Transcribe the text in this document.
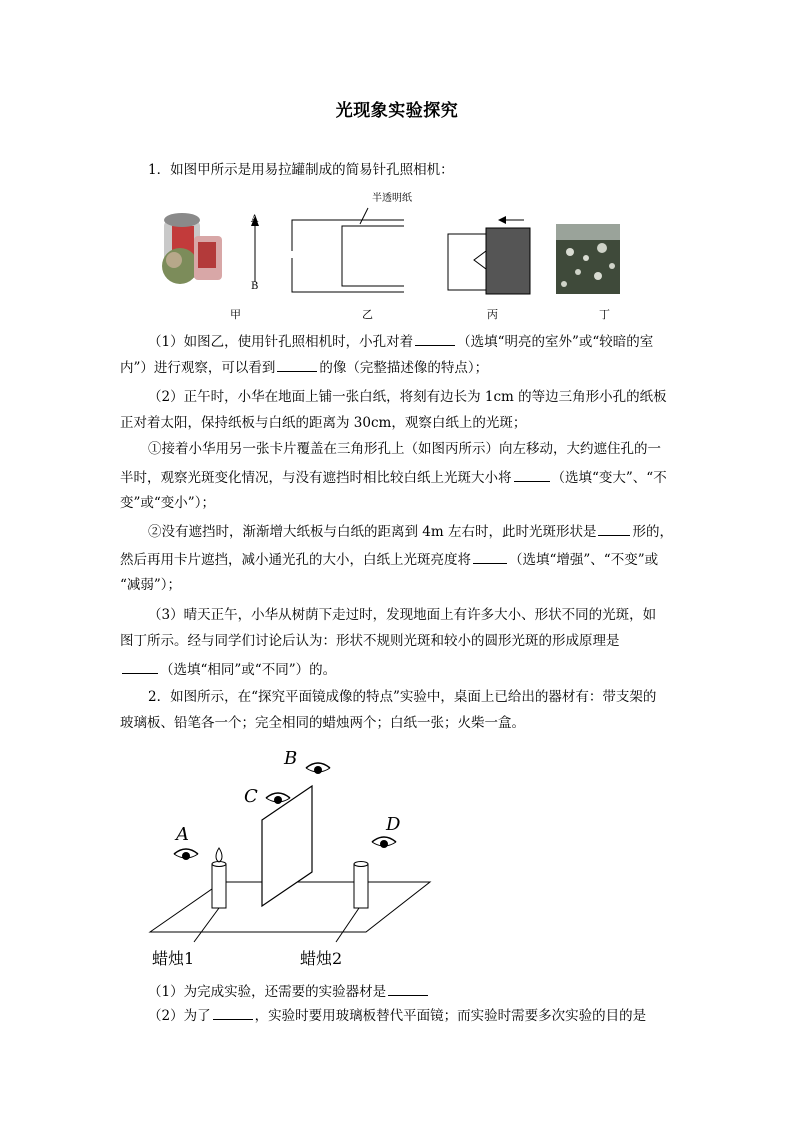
光现象实验探究
1．如图甲所示是用易拉罐制成的简易针孔照相机：
A
B
半透明纸
甲	乙	丙	丁
（1）如图乙，使用针孔照相机时，小孔对着	（选填“明亮的室外”或“较暗的室
内”）进行观察，可以看到	的像（完整描述像的特点）；
（2）正午时，小华在地面上铺一张白纸，将刻有边长为 1cm 的等边三角形小孔的纸板
正对着太阳，保持纸板与白纸的距离为 30cm，观察白纸上的光斑；
①接着小华用另一张卡片覆盖在三角形孔上（如图丙所示）向左移动，大约遮住孔的一
半时，观察光斑变化情况，与没有遮挡时相比较白纸上光斑大小将	（选填“变大”、“不
变”或“变小”）；
②没有遮挡时，渐渐增大纸板与白纸的距离到 4m 左右时，此时光斑形状是	形的，
然后再用卡片遮挡，减小通光孔的大小，白纸上光斑亮度将	（选填“增强”、“不变”或
“减弱”）；
（3）晴天正午，小华从树荫下走过时，发现地面上有许多大小、形状不同的光斑，如
图丁所示。经与同学们讨论后认为：形状不规则光斑和较小的圆形光斑的形成原理是
（选填“相同”或“不同”）的。
2．如图所示，在“探究平面镜成像的特点”实验中，桌面上已给出的器材有：带支架的
玻璃板、铅笔各一个；完全相同的蜡烛两个；白纸一张；火柴一盒。
A
B
C
D
蜡烛1	蜡烛2
（1）为完成实验，还需要的实验器材是
（2）为了	，实验时要用玻璃板替代平面镜；而实验时需要多次实验的目的是
